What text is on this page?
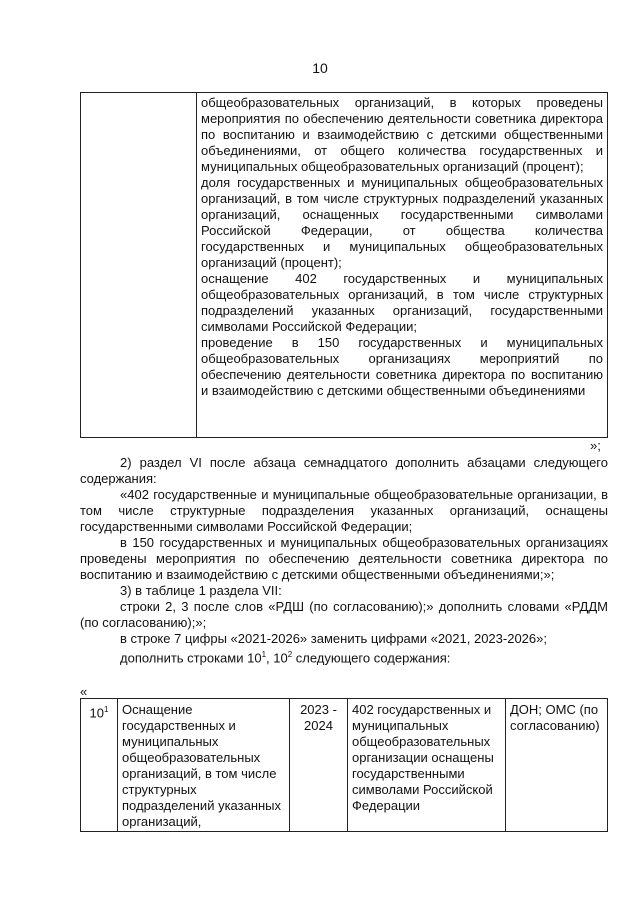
10

общеобразовательных организаций, в которых проведены мероприятия по обеспечению деятельности советника директора по воспитанию и взаимодействию с детскими общественными объединениями, от общего количества государственных и муниципальных общеобразовательных организаций (процент);

доля государственных и муниципальных общеобразовательных организаций, в том числе структурных подразделений указанных организаций, оснащенных государственными символами Российской Федерации, от общества количества государственных и муниципальных общеобразовательных организаций (процент);

оснащение 402 государственных и муниципальных общеобразовательных организаций, в том числе структурных подразделений указанных организаций, государственными символами Российской Федерации;

проведение в 150 государственных и муниципальных общеобразовательных организациях мероприятий по обеспечению деятельности советника директора по воспитанию и взаимодействию с детскими общественными объединениями

»;

2) раздел VI после абзаца семнадцатого дополнить абзацами следующего содержания:

«402 государственные и муниципальные общеобразовательные организации, в том числе структурные подразделения указанных организаций, оснащены государственными символами Российской Федерации;

в 150 государственных и муниципальных общеобразовательных организациях проведены мероприятия по обеспечению деятельности советника директора по воспитанию и взаимодействию с детскими общественными объединениями;»;

3) в таблице 1 раздела VII:

строки 2, 3 после слов «РДШ (по согласованию);» дополнить словами «РДДМ (по согласованию);»;

в строке 7 цифры «2021-2026» заменить цифрами «2021, 2023-2026»;

дополнить строками $10^1$, $10^2$ следующего содержания:

«
$10^1$	Оснащение государственных и муниципальных общеобразовательных организаций, в том числе структурных подразделений указанных организаций,
2023 - 2024
402 государственных и муниципальных общеобразовательных организации оснащены государственными символами Российской Федерации
ДОН; ОМС (по согласованию)
